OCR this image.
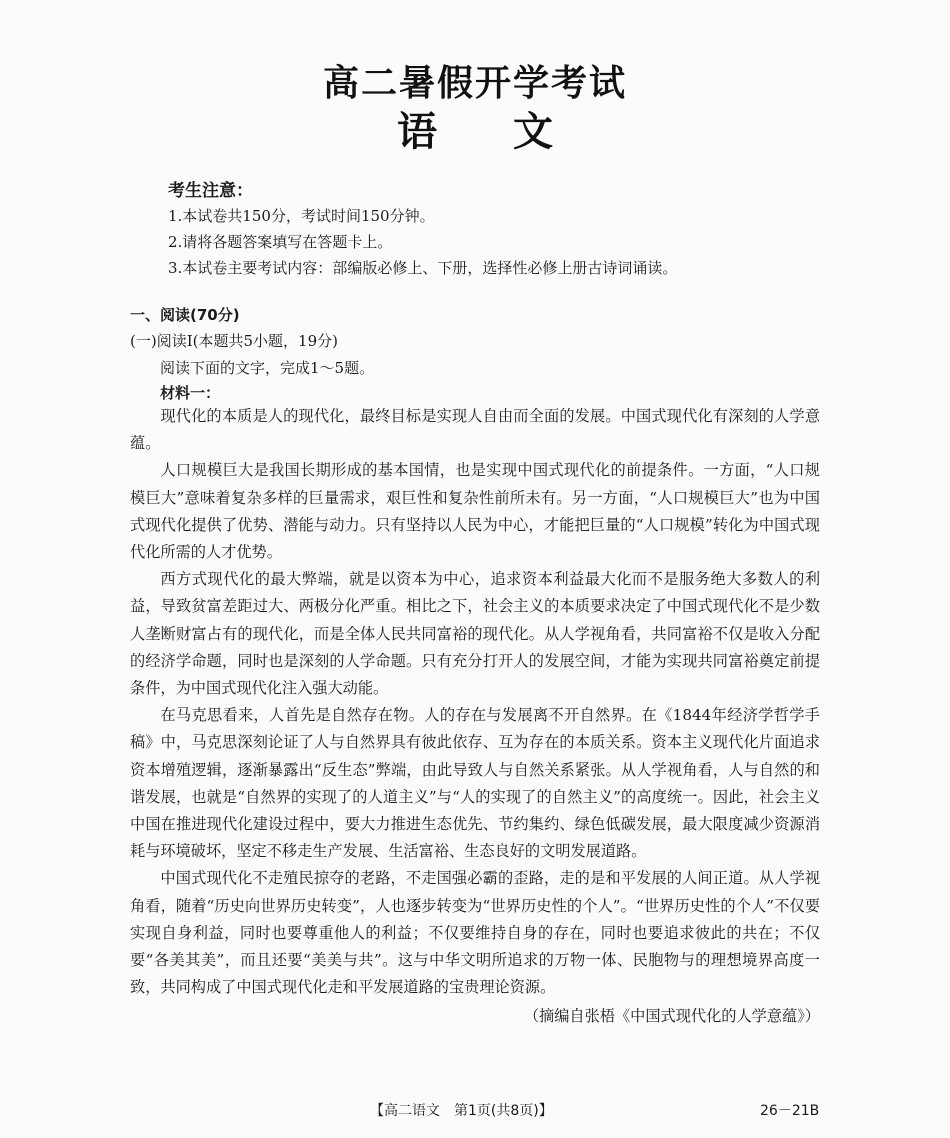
高二暑假开学考试
语 文
考生注意：
1.本试卷共150分，考试时间150分钟。
2.请将各题答案填写在答题卡上。
3.本试卷主要考试内容：部编版必修上、下册，选择性必修上册古诗词诵读。
一、阅读(70分)
(一)阅读Ⅰ(本题共5小题，19分)
阅读下面的文字，完成1～5题。
材料一：

现代化的本质是人的现代化，最终目标是实现人自由而全面的发展。中国式现代化有深刻的人学意蕴。

人口规模巨大是我国长期形成的基本国情，也是实现中国式现代化的前提条件。一方面，“人口规模巨大”意味着复杂多样的巨量需求，艰巨性和复杂性前所未有。另一方面，“人口规模巨大”也为中国式现代化提供了优势、潜能与动力。只有坚持以人民为中心，才能把巨量的“人口规模”转化为中国式现代化所需的人才优势。

西方式现代化的最大弊端，就是以资本为中心，追求资本利益最大化而不是服务绝大多数人的利益，导致贫富差距过大、两极分化严重。相比之下，社会主义的本质要求决定了中国式现代化不是少数人垄断财富占有的现代化，而是全体人民共同富裕的现代化。从人学视角看，共同富裕不仅是收入分配的经济学命题，同时也是深刻的人学命题。只有充分打开人的发展空间，才能为实现共同富裕奠定前提条件，为中国式现代化注入强大动能。

在马克思看来，人首先是自然存在物。人的存在与发展离不开自然界。在《1844年经济学哲学手稿》中，马克思深刻论证了人与自然界具有彼此依存、互为存在的本质关系。资本主义现代化片面追求资本增殖逻辑，逐渐暴露出“反生态”弊端，由此导致人与自然关系紧张。从人学视角看，人与自然的和谐发展，也就是“自然界的实现了的人道主义”与“人的实现了的自然主义”的高度统一。因此，社会主义中国在推进现代化建设过程中，要大力推进生态优先、节约集约、绿色低碳发展，最大限度减少资源消耗与环境破坏，坚定不移走生产发展、生活富裕、生态良好的文明发展道路。

中国式现代化不走殖民掠夺的老路，不走国强必霸的歪路，走的是和平发展的人间正道。从人学视角看，随着“历史向世界历史转变”，人也逐步转变为“世界历史性的个人”。“世界历史性的个人”不仅要实现自身利益，同时也要尊重他人的利益；不仅要维持自身的存在，同时也要追求彼此的共在；不仅要“各美其美”，而且还要“美美与共”。这与中华文明所追求的万物一体、民胞物与的理想境界高度一致，共同构成了中国式现代化走和平发展道路的宝贵理论资源。

（摘编自张梧《中国式现代化的人学意蕴》）
【高二语文　第1页(共8页)】	26－21B
